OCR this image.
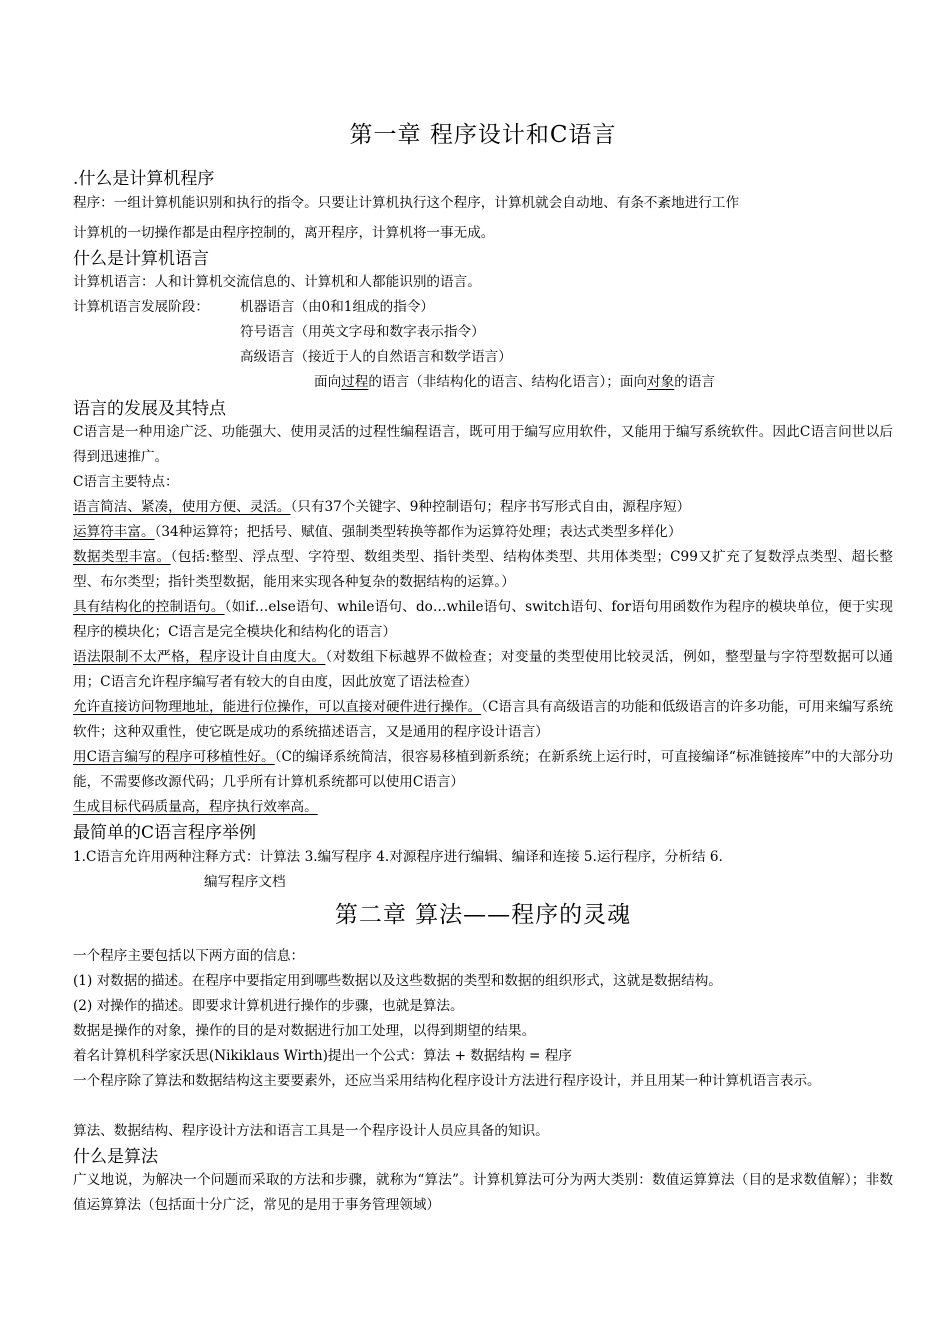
第一章 程序设计和C语言
.什么是计算机程序
程序：一组计算机能识别和执行的指令。只要让计算机执行这个程序，计算机就会自动地、有条不紊地进行工作
计算机的一切操作都是由程序控制的，离开程序，计算机将一事无成。
什么是计算机语言
计算机语言：人和计算机交流信息的、计算机和人都能识别的语言。
计算机语言发展阶段： 机器语言（由0和1组成的指令）
符号语言（用英文字母和数字表示指令）
高级语言（接近于人的自然语言和数学语言）
面向过程的语言（非结构化的语言、结构化语言）；面向对象的语言
语言的发展及其特点
C语言是一种用途广泛、功能强大、使用灵活的过程性编程语言，既可用于编写应用软件，又能用于编写系统软件。因此C语言问世以后得到迅速推广。
C语言主要特点：
语言简洁、紧凑，使用方便、灵活。（只有37个关键字、9种控制语句；程序书写形式自由，源程序短）
运算符丰富。（34种运算符；把括号、赋值、强制类型转换等都作为运算符处理；表达式类型多样化）
数据类型丰富。（包括:整型、浮点型、字符型、数组类型、指针类型、结构体类型、共用体类型；C99又扩充了复数浮点类型、超长整型、布尔类型；指针类型数据，能用来实现各种复杂的数据结构的运算。）
具有结构化的控制语句。（如if…else语句、while语句、do…while语句、switch语句、for语句用函数作为程序的模块单位，便于实现程序的模块化；C语言是完全模块化和结构化的语言）
语法限制不太严格，程序设计自由度大。（对数组下标越界不做检查；对变量的类型使用比较灵活，例如，整型量与字符型数据可以通用；C语言允许程序编写者有较大的自由度，因此放宽了语法检查）
允许直接访问物理地址，能进行位操作，可以直接对硬件进行操作。（C语言具有高级语言的功能和低级语言的许多功能，可用来编写系统软件；这种双重性，使它既是成功的系统描述语言，又是通用的程序设计语言）
用C语言编写的程序可移植性好。（C的编译系统简洁，很容易移植到新系统；在新系统上运行时，可直接编译“标准链接库”中的大部分功能，不需要修改源代码；几乎所有计算机系统都可以使用C语言）
生成目标代码质量高，程序执行效率高。
最简单的C语言程序举例
1.C语言允许用两种注释方式：计算法 3.编写程序 4.对源程序进行编辑、编译和连接 5.运行程序，分析结 6.
编写程序文档
第二章 算法——程序的灵魂
一个程序主要包括以下两方面的信息：
(1) 对数据的描述。在程序中要指定用到哪些数据以及这些数据的类型和数据的组织形式，这就是数据结构。
(2) 对操作的描述。即要求计算机进行操作的步骤，也就是算法。
数据是操作的对象，操作的目的是对数据进行加工处理，以得到期望的结果。
着名计算机科学家沃思(Nikiklaus Wirth)提出一个公式：算法 + 数据结构 = 程序
一个程序除了算法和数据结构这主要要素外，还应当采用结构化程序设计方法进行程序设计，并且用某一种计算机语言表示。
算法、数据结构、程序设计方法和语言工具是一个程序设计人员应具备的知识。
什么是算法
广义地说，为解决一个问题而采取的方法和步骤，就称为“算法”。计算机算法可分为两大类别：数值运算算法（目的是求数值解）；非数值运算算法（包括面十分广泛，常见的是用于事务管理领域）
